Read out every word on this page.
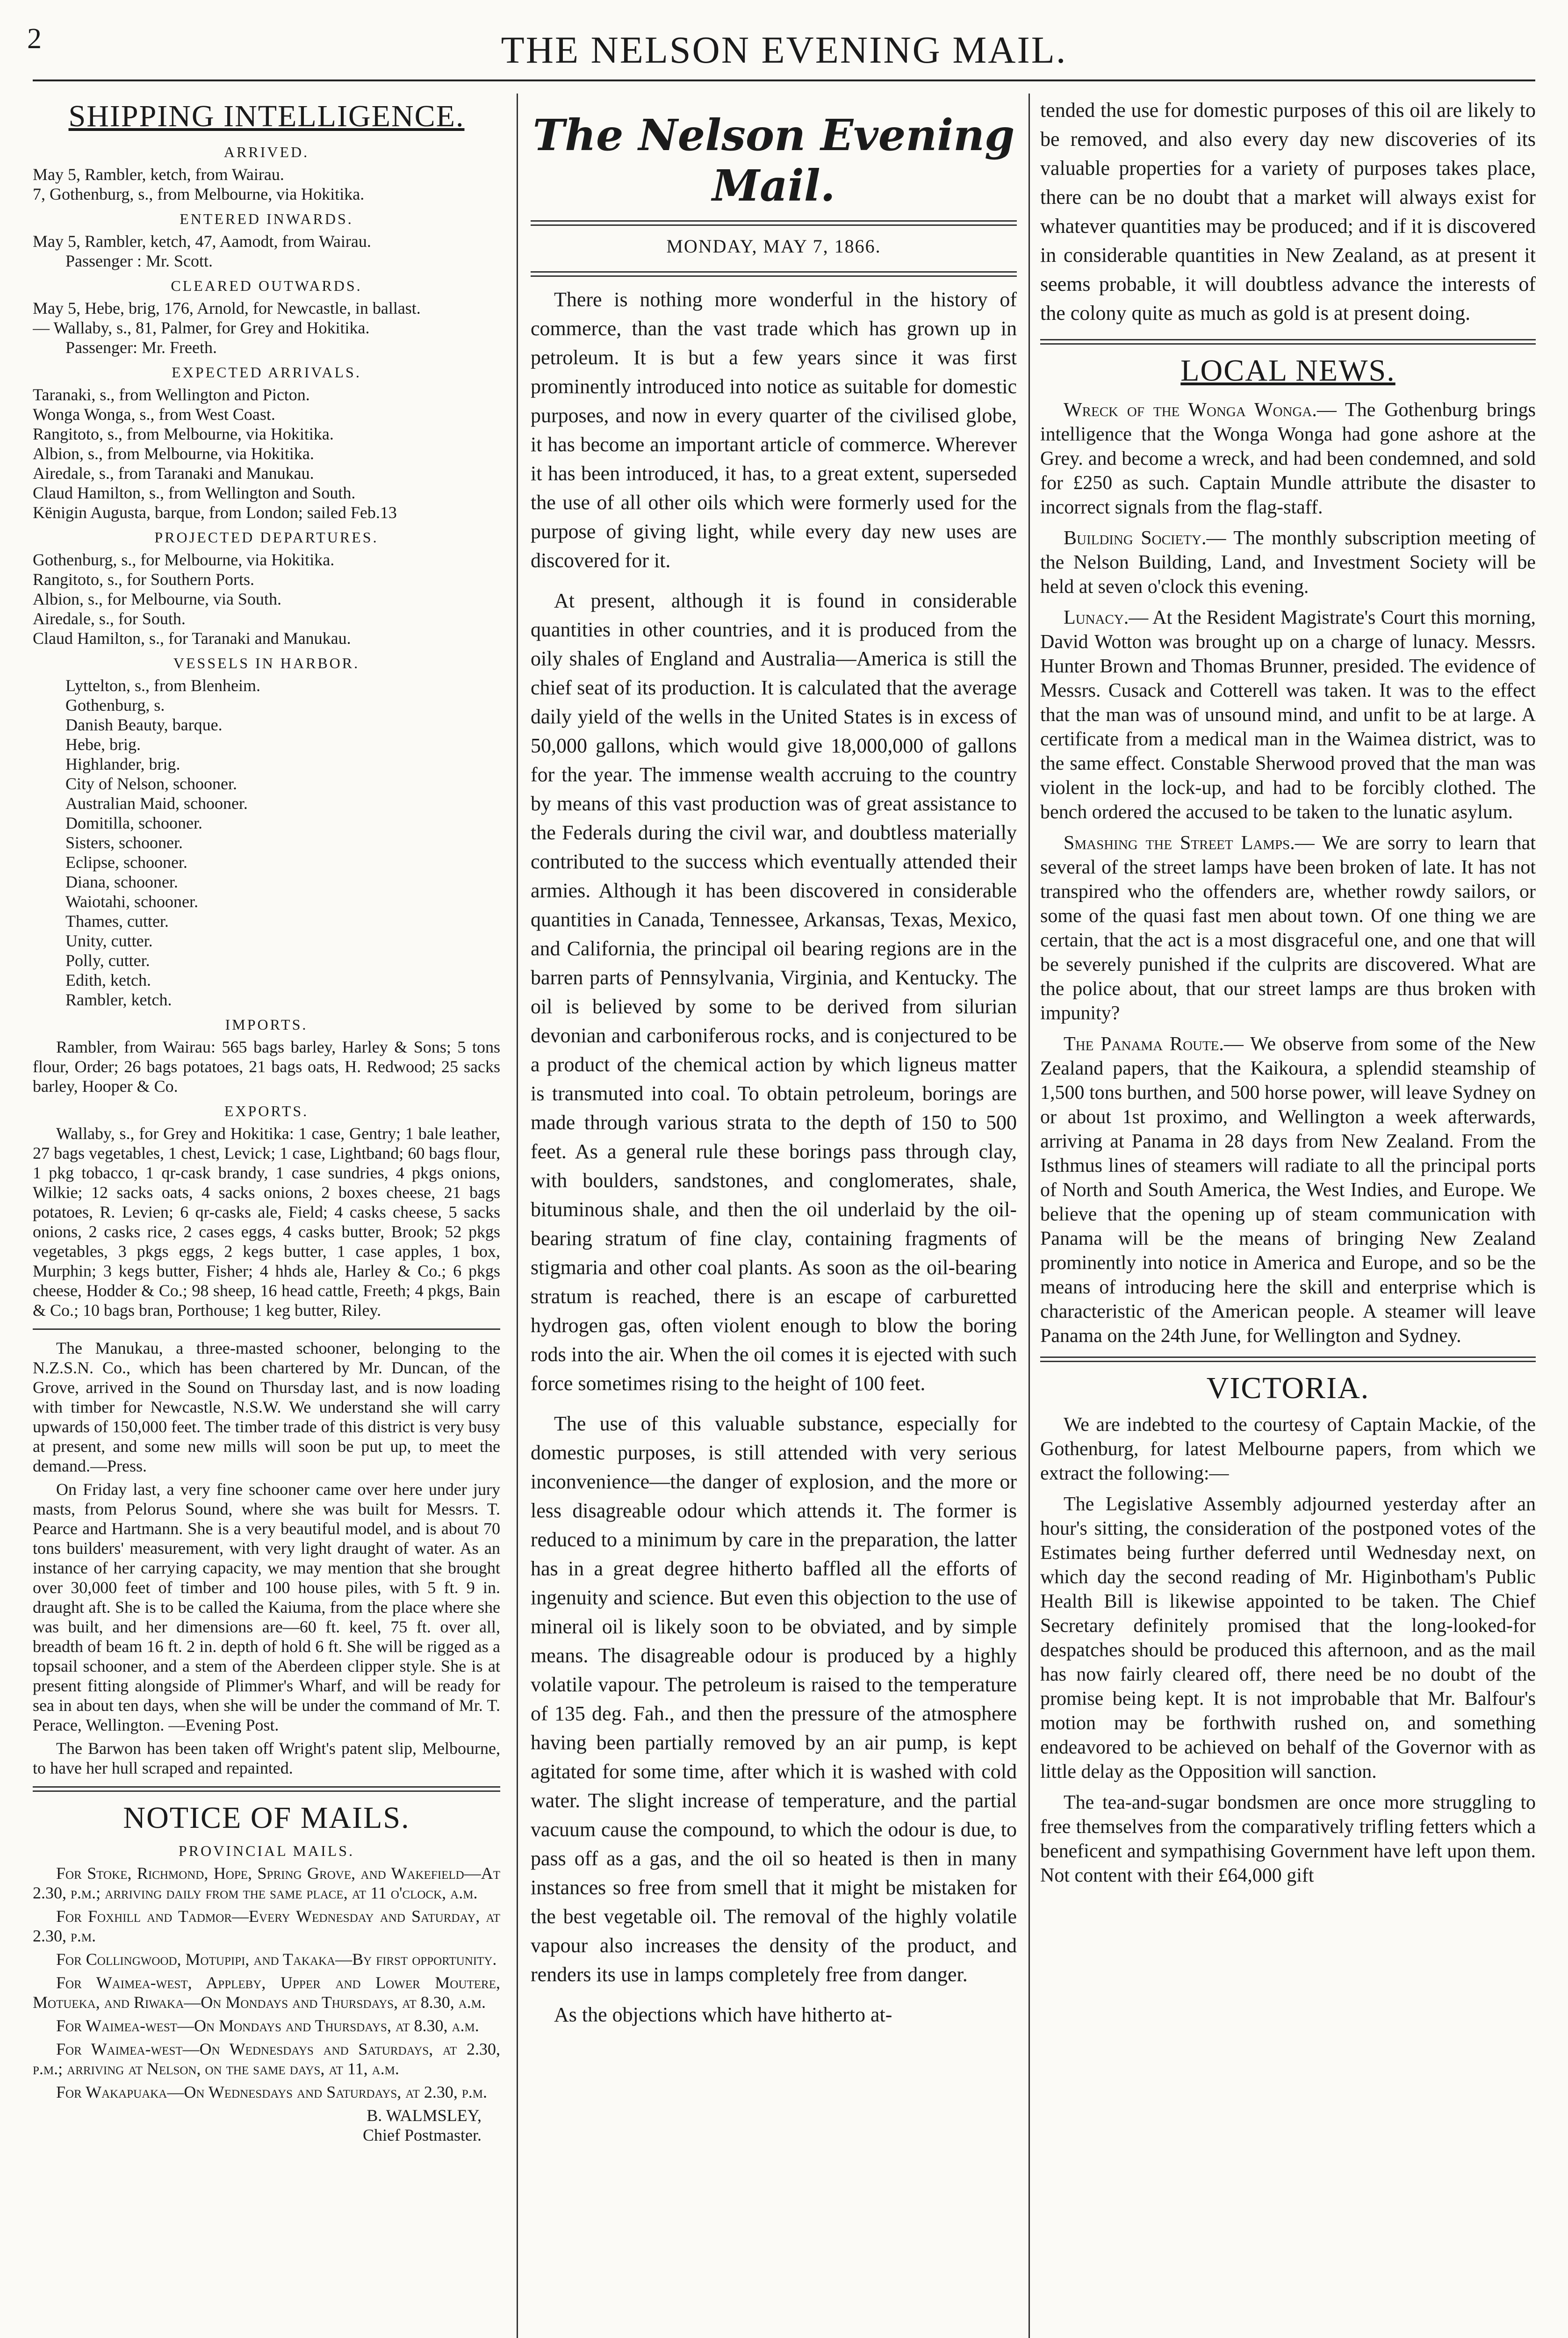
2	THE NELSON EVENING MAIL.
SHIPPING INTELLIGENCE.
ARRIVED.
May 5, Rambler, ketch, from Wairau.
7, Gothenburg, s., from Melbourne, via Hokitika.
ENTERED INWARDS.
May 5, Rambler, ketch, 47, Aamodt, from Wairau.
Passenger : Mr. Scott.
CLEARED OUTWARDS.
May 5, Hebe, brig, 176, Arnold, for Newcastle, in ballast.
— Wallaby, s., 81, Palmer, for Grey and Hokitika.
Passenger: Mr. Freeth.
EXPECTED ARRIVALS.
Taranaki, s., from Wellington and Picton.
Wonga Wonga, s., from West Coast.
Rangitoto, s., from Melbourne, via Hokitika.
Albion, s., from Melbourne, via Hokitika.
Airedale, s., from Taranaki and Manukau.
Claud Hamilton, s., from Wellington and South.
Kënigin Augusta, barque, from London; sailed Feb.13
PROJECTED DEPARTURES.
Gothenburg, s., for Melbourne, via Hokitika.
Rangitoto, s., for Southern Ports.
Albion, s., for Melbourne, via South.
Airedale, s., for South.
Claud Hamilton, s., for Taranaki and Manukau.
VESSELS IN HARBOR.
Lyttelton, s., from Blenheim.
Gothenburg, s.
Danish Beauty, barque.
Hebe, brig.
Highlander, brig.
City of Nelson, schooner.
Australian Maid, schooner.
Domitilla, schooner.
Sisters, schooner.
Eclipse, schooner.
Diana, schooner.
Waiotahi, schooner.
Thames, cutter.
Unity, cutter.
Polly, cutter.
Edith, ketch.
Rambler, ketch.
IMPORTS.

Rambler, from Wairau: 565 bags barley, Harley & Sons; 5 tons flour, Order; 26 bags potatoes, 21 bags oats, H. Redwood; 25 sacks barley, Hooper & Co.

EXPORTS.

Wallaby, s., for Grey and Hokitika: 1 case, Gentry; 1 bale leather, 27 bags vegetables, 1 chest, Levick; 1 case, Lightband; 60 bags flour, 1 pkg tobacco, 1 qr-cask brandy, 1 case sundries, 4 pkgs onions, Wilkie; 12 sacks oats, 4 sacks onions, 2 boxes cheese, 21 bags potatoes, R. Levien; 6 qr-casks ale, Field; 4 casks cheese, 5 sacks onions, 2 casks rice, 2 cases eggs, 4 casks butter, Brook; 52 pkgs vegetables, 3 pkgs eggs, 2 kegs butter, 1 case apples, 1 box, Murphin; 3 kegs butter, Fisher; 4 hhds ale, Harley & Co.; 6 pkgs cheese, Hodder & Co.; 98 sheep, 16 head cattle, Freeth; 4 pkgs, Bain & Co.; 10 bags bran, Porthouse; 1 keg butter, Riley.

The Manukau, a three-masted schooner, belonging to the N.Z.S.N. Co., which has been chartered by Mr. Duncan, of the Grove, arrived in the Sound on Thursday last, and is now loading with timber for Newcastle, N.S.W. We understand she will carry upwards of 150,000 feet. The timber trade of this district is very busy at present, and some new mills will soon be put up, to meet the demand.—Press.

On Friday last, a very fine schooner came over here under jury masts, from Pelorus Sound, where she was built for Messrs. T. Pearce and Hartmann. She is a very beautiful model, and is about 70 tons builders' measurement, with very light draught of water. As an instance of her carrying capacity, we may mention that she brought over 30,000 feet of timber and 100 house piles, with 5 ft. 9 in. draught aft. She is to be called the Kaiuma, from the place where she was built, and her dimensions are—60 ft. keel, 75 ft. over all, breadth of beam 16 ft. 2 in. depth of hold 6 ft. She will be rigged as a topsail schooner, and a stem of the Aberdeen clipper style. She is at present fitting alongside of Plimmer's Wharf, and will be ready for sea in about ten days, when she will be under the command of Mr. T. Perace, Wellington. —Evening Post.

The Barwon has been taken off Wright's patent slip, Melbourne, to have her hull scraped and repainted.

NOTICE OF MAILS.
PROVINCIAL MAILS.

For Stoke, Richmond, Hope, Spring Grove, and Wakefield—At 2.30, p.m.; arriving daily from the same place, at 11 o'clock, a.m.

For Foxhill and Tadmor—Every Wednesday and Saturday, at 2.30, p.m.

For Collingwood, Motupipi, and Takaka—By first opportunity.

For Waimea-west, Appleby, Upper and Lower Moutere, Motueka, and Riwaka—On Mondays and Thursdays, at 8.30, a.m.

For Waimea-west—On Mondays and Thursdays, at 8.30, a.m.

For Waimea-west—On Wednesdays and Saturdays, at 2.30, p.m.; arriving at Nelson, on the same days, at 11, a.m.

For Wakapuaka—On Wednesdays and Saturdays, at 2.30, p.m.

B. WALMSLEY,
Chief Postmaster.
The Nelson Evening Mail.
MONDAY, MAY 7, 1866.

There is nothing more wonderful in the history of commerce, than the vast trade which has grown up in petroleum. It is but a few years since it was first prominently introduced into notice as suitable for domestic purposes, and now in every quarter of the civilised globe, it has become an important article of commerce. Wherever it has been introduced, it has, to a great extent, superseded the use of all other oils which were formerly used for the purpose of giving light, while every day new uses are discovered for it.

At present, although it is found in considerable quantities in other countries, and it is produced from the oily shales of England and Australia—America is still the chief seat of its production. It is calculated that the average daily yield of the wells in the United States is in excess of 50,000 gallons, which would give 18,000,000 of gallons for the year. The immense wealth accruing to the country by means of this vast production was of great assistance to the Federals during the civil war, and doubtless materially contributed to the success which eventually attended their armies. Although it has been discovered in considerable quantities in Canada, Tennessee, Arkansas, Texas, Mexico, and California, the principal oil bearing regions are in the barren parts of Pennsylvania, Virginia, and Kentucky. The oil is believed by some to be derived from silurian devonian and carboniferous rocks, and is conjectured to be a product of the chemical action by which ligneus matter is transmuted into coal. To obtain petroleum, borings are made through various strata to the depth of 150 to 500 feet. As a general rule these borings pass through clay, with boulders, sandstones, and conglomerates, shale, bituminous shale, and then the oil underlaid by the oil-bearing stratum of fine clay, containing fragments of stigmaria and other coal plants. As soon as the oil-bearing stratum is reached, there is an escape of carburetted hydrogen gas, often violent enough to blow the boring rods into the air. When the oil comes it is ejected with such force sometimes rising to the height of 100 feet.

The use of this valuable substance, especially for domestic purposes, is still attended with very serious inconvenience—the danger of explosion, and the more or less disagreable odour which attends it. The former is reduced to a minimum by care in the preparation, the latter has in a great degree hitherto baffled all the efforts of ingenuity and science. But even this objection to the use of mineral oil is likely soon to be obviated, and by simple means. The disagreable odour is produced by a highly volatile vapour. The petroleum is raised to the temperature of 135 deg. Fah., and then the pressure of the atmosphere having been partially removed by an air pump, is kept agitated for some time, after which it is washed with cold water. The slight increase of temperature, and the partial vacuum cause the compound, to which the odour is due, to pass off as a gas, and the oil so heated is then in many instances so free from smell that it might be mistaken for the best vegetable oil. The removal of the highly volatile vapour also increases the density of the product, and renders its use in lamps completely free from danger.

As the objections which have hitherto at-

tended the use for domestic purposes of this oil are likely to be removed, and also every day new discoveries of its valuable properties for a variety of purposes takes place, there can be no doubt that a market will always exist for whatever quantities may be produced; and if it is discovered in considerable quantities in New Zealand, as at present it seems probable, it will doubtless advance the interests of the colony quite as much as gold is at present doing.

LOCAL NEWS.

Wreck of the Wonga Wonga.— The Gothenburg brings intelligence that the Wonga Wonga had gone ashore at the Grey. and become a wreck, and had been condemned, and sold for £250 as such. Captain Mundle attribute the disaster to incorrect signals from the flag-staff.

Building Society.— The monthly subscription meeting of the Nelson Building, Land, and Investment Society will be held at seven o'clock this evening.

Lunacy.— At the Resident Magistrate's Court this morning, David Wotton was brought up on a charge of lunacy. Messrs. Hunter Brown and Thomas Brunner, presided. The evidence of Messrs. Cusack and Cotterell was taken. It was to the effect that the man was of unsound mind, and unfit to be at large. A certificate from a medical man in the Waimea district, was to the same effect. Constable Sherwood proved that the man was violent in the lock-up, and had to be forcibly clothed. The bench ordered the accused to be taken to the lunatic asylum.

Smashing the Street Lamps.— We are sorry to learn that several of the street lamps have been broken of late. It has not transpired who the offenders are, whether rowdy sailors, or some of the quasi fast men about town. Of one thing we are certain, that the act is a most disgraceful one, and one that will be severely punished if the culprits are discovered. What are the police about, that our street lamps are thus broken with impunity?

The Panama Route.— We observe from some of the New Zealand papers, that the Kaikoura, a splendid steamship of 1,500 tons burthen, and 500 horse power, will leave Sydney on or about 1st proximo, and Wellington a week afterwards, arriving at Panama in 28 days from New Zealand. From the Isthmus lines of steamers will radiate to all the principal ports of North and South America, the West Indies, and Europe. We believe that the opening up of steam communication with Panama will be the means of bringing New Zealand prominently into notice in America and Europe, and so be the means of introducing here the skill and enterprise which is characteristic of the American people. A steamer will leave Panama on the 24th June, for Wellington and Sydney.

VICTORIA.

We are indebted to the courtesy of Captain Mackie, of the Gothenburg, for latest Melbourne papers, from which we extract the following:—

The Legislative Assembly adjourned yesterday after an hour's sitting, the consideration of the postponed votes of the Estimates being further deferred until Wednesday next, on which day the second reading of Mr. Higinbotham's Public Health Bill is likewise appointed to be taken. The Chief Secretary definitely promised that the long-looked-for despatches should be produced this afternoon, and as the mail has now fairly cleared off, there need be no doubt of the promise being kept. It is not improbable that Mr. Balfour's motion may be forthwith rushed on, and something endeavored to be achieved on behalf of the Governor with as little delay as the Opposition will sanction.

The tea-and-sugar bondsmen are once more struggling to free themselves from the comparatively trifling fetters which a beneficent and sympathising Government have left upon them. Not content with their £64,000 gift
